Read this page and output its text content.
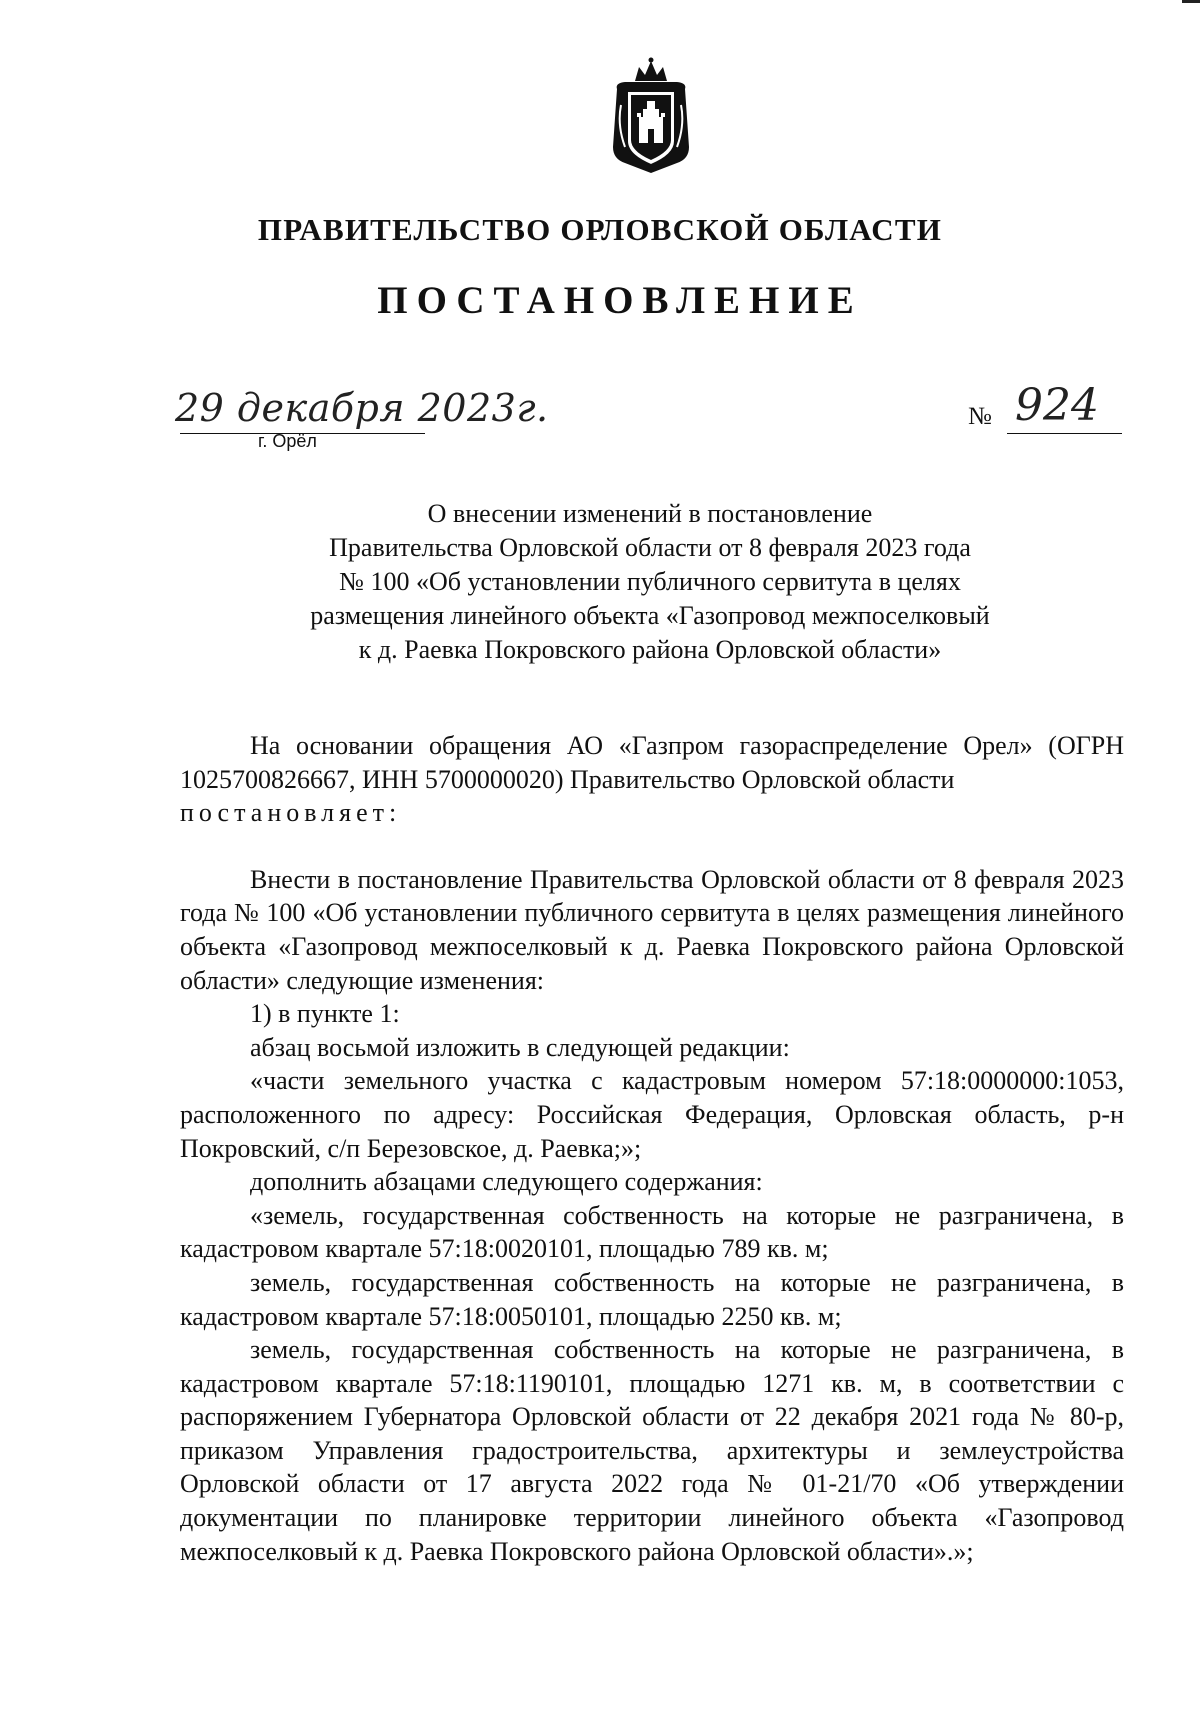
ПРАВИТЕЛЬСТВО ОРЛОВСКОЙ ОБЛАСТИ
ПОСТАНОВЛЕНИЕ
29 декабря 2023г.
г. Орёл
№ 924
О внесении изменений в постановление
Правительства Орловской области от 8 февраля 2023 года
№ 100 «Об установлении публичного сервитута в целях
размещения линейного объекта «Газопровод межпоселковый
к д. Раевка Покровского района Орловской области»

На основании обращения АО «Газпром газораспределение Орел» (ОГРН 1025700826667, ИНН 5700000020) Правительство Орловской области

постановляет:

Внести в постановление Правительства Орловской области от 8 февраля 2023 года № 100 «Об установлении публичного сервитута в целях размещения линейного объекта «Газопровод межпоселковый к д. Раевка Покровского района Орловской области» следующие изменения:

1) в пункте 1:

абзац восьмой изложить в следующей редакции:

«части земельного участка с кадастровым номером 57:18:0000000:1053, расположенного по адресу: Российская Федерация, Орловская область, р-н Покровский, с/п Березовское, д. Раевка;»;

дополнить абзацами следующего содержания:

«земель, государственная собственность на которые не разграничена, в кадастровом квартале 57:18:0020101, площадью 789 кв. м;

земель, государственная собственность на которые не разграничена, в кадастровом квартале 57:18:0050101, площадью 2250 кв. м;

земель, государственная собственность на которые не разграничена, в кадастровом квартале 57:18:1190101, площадью 1271 кв. м, в соответствии с распоряжением Губернатора Орловской области от 22 декабря 2021 года № 80-р, приказом Управления градостроительства, архитектуры и землеустройства Орловской области от 17 августа 2022 года № 01-21/70 «Об утверждении документации по планировке территории линейного объекта «Газопровод межпоселковый к д. Раевка Покровского района Орловской области».»;
